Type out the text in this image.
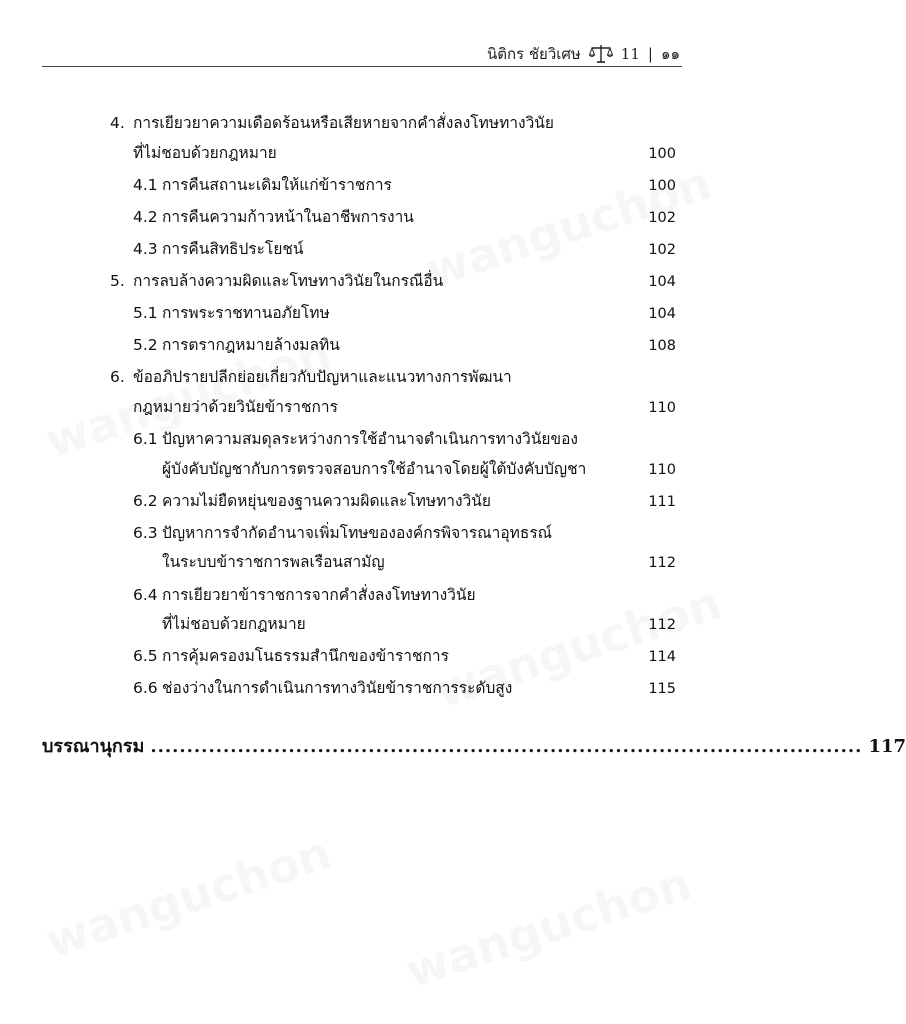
นิติกร ชัยวิเศษ	11 | ๑๑
4. การเยียวยาความเดือดร้อนหรือเสียหายจากคำสั่งลงโทษทางวินัย
ที่ไม่ชอบด้วยกฎหมาย	100
4.1 การคืนสถานะเดิมให้แก่ข้าราชการ	100
4.2 การคืนความก้าวหน้าในอาชีพการงาน	102
4.3 การคืนสิทธิประโยชน์	102
5. การลบล้างความผิดและโทษทางวินัยในกรณีอื่น	104
5.1 การพระราชทานอภัยโทษ	104
5.2 การตรากฎหมายล้างมลทิน	108
6. ข้ออภิปรายปลีกย่อยเกี่ยวกับปัญหาและแนวทางการพัฒนา
กฎหมายว่าด้วยวินัยข้าราชการ	110
6.1 ปัญหาความสมดุลระหว่างการใช้อำนาจดำเนินการทางวินัยของ
ผู้บังคับบัญชากับการตรวจสอบการใช้อำนาจโดยผู้ใต้บังคับบัญชา	110
6.2 ความไม่ยืดหยุ่นของฐานความผิดและโทษทางวินัย	111
6.3 ปัญหาการจำกัดอำนาจเพิ่มโทษขององค์กรพิจารณาอุทธรณ์
ในระบบข้าราชการพลเรือนสามัญ	112
6.4 การเยียวยาข้าราชการจากคำสั่งลงโทษทางวินัย
ที่ไม่ชอบด้วยกฎหมาย	112
6.5 การคุ้มครองมโนธรรมสำนึกของข้าราชการ	114
6.6 ช่องว่างในการดำเนินการทางวินัยข้าราชการระดับสูง	115
บรรณานุกรม .................................................................................................. 117
